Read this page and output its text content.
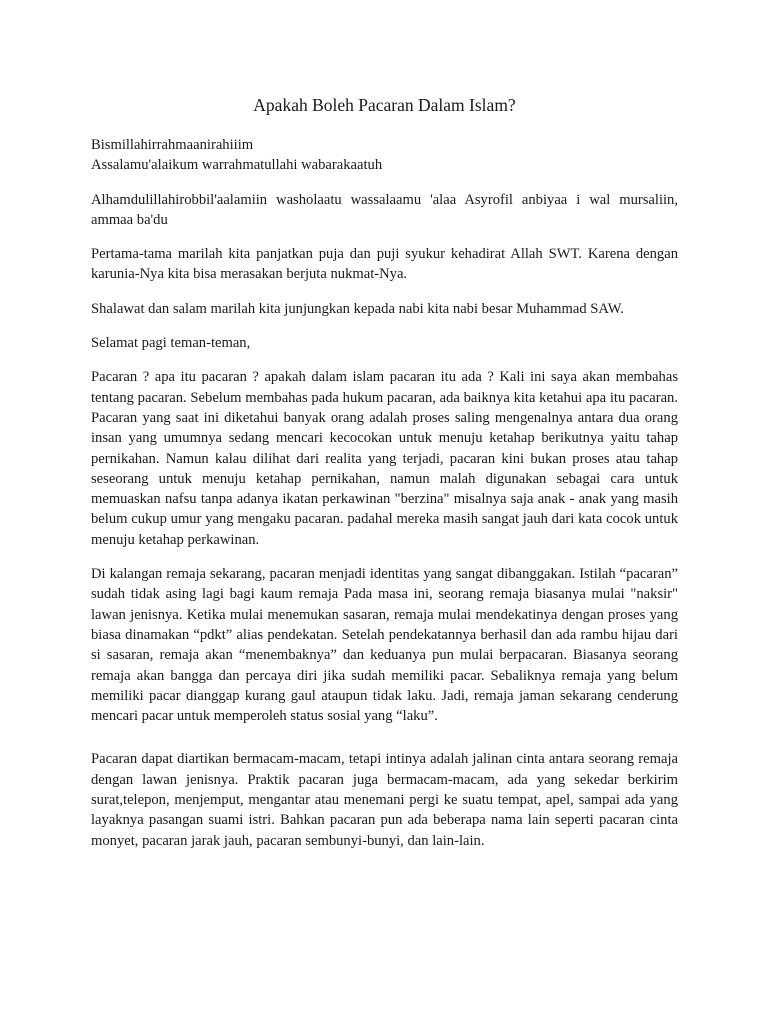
Apakah Boleh Pacaran Dalam Islam?

Bismillahirrahmaanirahiiim

Assalamu'alaikum warrahmatullahi wabarakaatuh

Alhamdulillahirobbil'aalamiin washolaatu wassalaamu 'alaa Asyrofil anbiyaa i wal mursaliin, ammaa ba'du

Pertama-tama marilah kita panjatkan puja dan puji syukur kehadirat Allah SWT. Karena dengan karunia-Nya kita bisa merasakan berjuta nukmat-Nya.

Shalawat dan salam marilah kita junjungkan kepada nabi kita nabi besar Muhammad SAW.

Selamat pagi teman-teman,

Pacaran ? apa itu pacaran ? apakah dalam islam pacaran itu ada ? Kali ini saya akan membahas tentang pacaran. Sebelum membahas pada hukum pacaran, ada baiknya kita ketahui apa itu pacaran. Pacaran yang saat ini diketahui banyak orang adalah proses saling mengenalnya antara dua orang insan yang umumnya sedang mencari kecocokan untuk menuju ketahap berikutnya yaitu tahap pernikahan. Namun kalau dilihat dari realita yang terjadi, pacaran kini bukan proses atau tahap seseorang untuk menuju ketahap pernikahan, namun malah digunakan sebagai cara untuk memuaskan nafsu tanpa adanya ikatan perkawinan "berzina" misalnya saja anak - anak yang masih belum cukup umur yang mengaku pacaran. padahal mereka masih sangat jauh dari kata cocok untuk menuju ketahap perkawinan.

Di kalangan remaja sekarang, pacaran menjadi identitas yang sangat dibanggakan. Istilah “pacaran” sudah tidak asing lagi bagi kaum remaja Pada masa ini, seorang remaja biasanya mulai "naksir" lawan jenisnya. Ketika mulai menemukan sasaran, remaja mulai mendekatinya dengan proses yang biasa dinamakan “pdkt” alias pendekatan. Setelah pendekatannya berhasil dan ada rambu hijau dari si sasaran, remaja akan “menembaknya” dan keduanya pun mulai berpacaran. Biasanya seorang remaja akan bangga dan percaya diri jika sudah memiliki pacar. Sebaliknya remaja yang belum memiliki pacar dianggap kurang gaul ataupun tidak laku. Jadi, remaja jaman sekarang cenderung mencari pacar untuk memperoleh status sosial yang “laku”.

Pacaran dapat diartikan bermacam-macam, tetapi intinya adalah jalinan cinta antara seorang remaja dengan lawan jenisnya. Praktik pacaran juga bermacam-macam, ada yang sekedar berkirim surat,telepon, menjemput, mengantar atau menemani pergi ke suatu tempat, apel, sampai ada yang layaknya pasangan suami istri. Bahkan pacaran pun ada beberapa nama lain seperti pacaran cinta monyet, pacaran jarak jauh, pacaran sembunyi-bunyi, dan lain-lain.
